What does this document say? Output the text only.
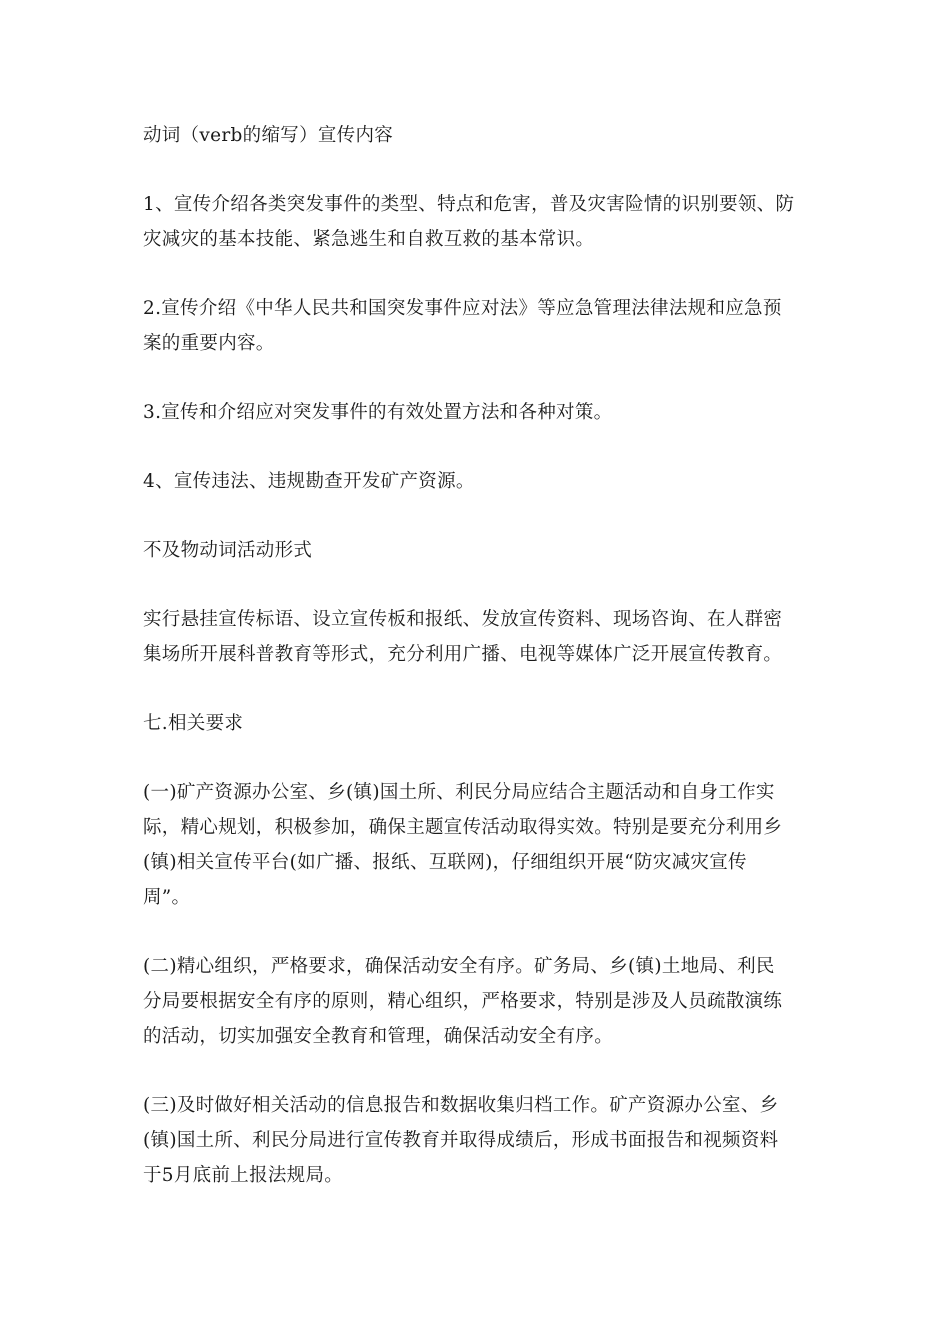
动词（verb的缩写）宣传内容

1、宣传介绍各类突发事件的类型、特点和危害，普及灾害险情的识别要领、防
灾减灾的基本技能、紧急逃生和自救互救的基本常识。

2.宣传介绍《中华人民共和国突发事件应对法》等应急管理法律法规和应急预
案的重要内容。

3.宣传和介绍应对突发事件的有效处置方法和各种对策。

4、宣传违法、违规勘查开发矿产资源。

不及物动词活动形式

实行悬挂宣传标语、设立宣传板和报纸、发放宣传资料、现场咨询、在人群密
集场所开展科普教育等形式，充分利用广播、电视等媒体广泛开展宣传教育。

七.相关要求

(一)矿产资源办公室、乡(镇)国土所、利民分局应结合主题活动和自身工作实
际，精心规划，积极参加，确保主题宣传活动取得实效。特别是要充分利用乡
(镇)相关宣传平台(如广播、报纸、互联网)，仔细组织开展“防灾减灾宣传
周”。

(二)精心组织，严格要求，确保活动安全有序。矿务局、乡(镇)土地局、利民
分局要根据安全有序的原则，精心组织，严格要求，特别是涉及人员疏散演练
的活动，切实加强安全教育和管理，确保活动安全有序。

(三)及时做好相关活动的信息报告和数据收集归档工作。矿产资源办公室、乡
(镇)国土所、利民分局进行宣传教育并取得成绩后，形成书面报告和视频资料
于5月底前上报法规局。
